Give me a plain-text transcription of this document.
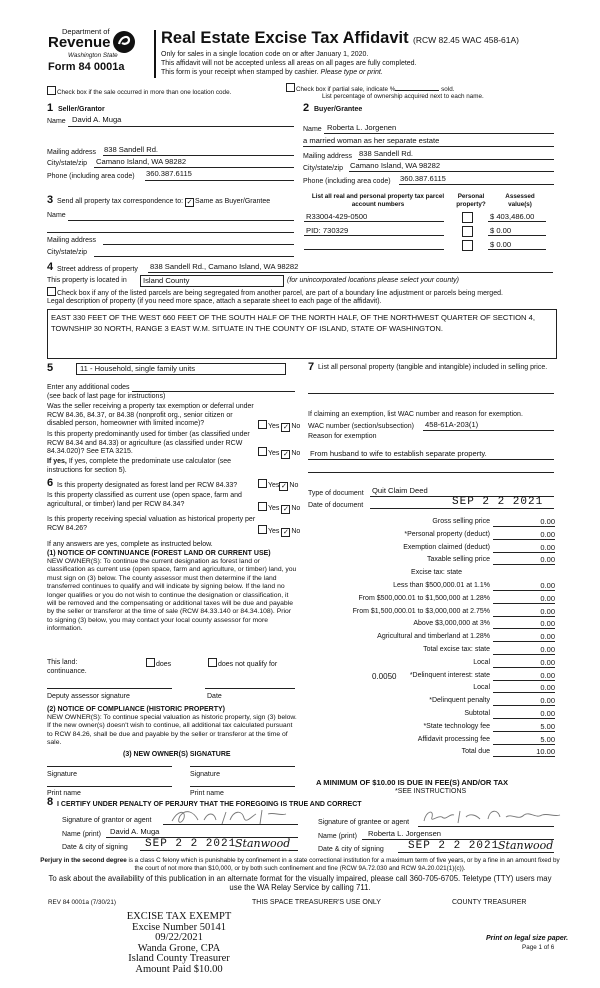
Department of
Revenue
Washington State
Form 84 0001a
Real Estate Excise Tax Affidavit (RCW 82.45 WAC 458-61A)
Only for sales in a single location code on or after January 1, 2020.
This affidavit will not be accepted unless all areas on all pages are fully completed.
This form is your receipt when stamped by cashier. Please type or print.
Check box if the sale occurred in more than one location code.	Check box if partial sale, indicate %	sold.
List percentage of ownership acquired next to each name.
1 Seller/Grantor
Name David A. Muga
Mailing address 838 Sandell Rd.
City/state/zip Camano Island, WA 98282
Phone (including area code) 360.387.6115
2 Buyer/Grantee
Name Roberta L. Jorgenen
a married woman as her separate estate
Mailing address 838 Sandell Rd.
City/state/zip Camano Island, WA 98282
Phone (including area code) 360.387.6115
3 Send all property tax correspondence to: ✓ Same as Buyer/Grantee
Name
Mailing address
City/state/zip
List all real and personal property tax parcel account numbers
Personal property?
Assessed value(s)
R33004-429-0500	$ 403,486.00
PID: 730329	$ 0.00
$ 0.00
4 Street address of property 838 Sandell Rd., Camano Island, WA 98282
This property is located in	Island County	(for unincorporated locations please select your county)
Check box if any of the listed parcels are being segregated from another parcel, are part of a boundary line adjustment or parcels being merged.
Legal description of property (if you need more space, attach a separate sheet to each page of the affidavit).
EAST 330 FEET OF THE WEST 660 FEET OF THE SOUTH HALF OF THE NORTH HALF, OF THE NORTHWEST QUARTER OF SECTION 4, TOWNSHIP 30 NORTH, RANGE 3 EAST W.M. SITUATE IN THE COUNTY OF ISLAND, STATE OF WASHINGTON.
5	11 - Household, single family units
Enter any additional codes
(see back of last page for instructions)
Was the seller receiving a property tax exemption or deferral under RCW 84.36, 84.37, or 84.38 (nonprofit org., senior citizen or disabled person, homeowner with limited income)?	Yes ✓ No
Is this property predominantly used for timber (as classified under RCW 84.34 and 84.33) or agriculture (as classified under RCW 84.34.020)? See ETA 3215.	Yes ✓ No
If yes, If yes, complete the predominate use calculator (see instructions for section 5).
6 Is this property designated as forest land per RCW 84.33?	Yes ✓ No
Is this property classified as current use (open space, farm and agricultural, or timber) land per RCW 84.34?
Yes ✓ No
Is this property receiving special valuation as historical property per RCW 84.26?	Yes ✓ No
If any answers are yes, complete as instructed below.
(1) NOTICE OF CONTINUANCE (FOREST LAND OR CURRENT USE)
NEW OWNER(S): To continue the current designation as forest land or classification as current use (open space, farm and agriculture, or timber) land, you must sign on (3) below. The county assessor must then determine if the land transferred continues to qualify and will indicate by signing below. If the land no longer qualifies or you do not wish to continue the designation or classification, it will be removed and the compensating or additional taxes will be due and payable by the seller or transferor at the time of sale (RCW 84.33.140 or 84.34.108). Prior to signing (3) below, you may contact your local county assessor for more information.
This land:	does	does not qualify for
continuance.
Deputy assessor signature	Date
(2) NOTICE OF COMPLIANCE (HISTORIC PROPERTY)
NEW OWNER(S): To continue special valuation as historic property, sign (3) below. If the new owner(s) doesn't wish to continue, all additional tax calculated pursuant to RCW 84.26, shall be due and payable by the seller or transferor at the time of sale.
(3) NEW OWNER(S) SIGNATURE
Signature	Signature
Print name	Print name
7 List all personal property (tangible and intangible) included in selling price.
If claiming an exemption, list WAC number and reason for exemption.
WAC number (section/subsection) 458-61A-203(1)
Reason for exemption
From husband to wife to establish separate property.
Type of document Quit Claim Deed
Date of document	SEP 2 2 2021
Gross selling price	0.00
*Personal property (deduct)	0.00
Exemption claimed (deduct)	0.00
Taxable selling price	0.00
Excise tax: state
Less than $500,000.01 at 1.1%	0.00
From $500,000.01 to $1,500,000 at 1.28%	0.00
From $1,500,000.01 to $3,000,000 at 2.75%	0.00
Above $3,000,000 at 3%	0.00
Agricultural and timberland at 1.28%	0.00
Total excise tax: state	0.00
Local	0.00
*Delinquent interest: state	0.00
Local	0.00
*Delinquent penalty	0.00
Subtotal	0.00
*State technology fee	5.00
Affidavit processing fee	5.00
Total due	10.00
0.0050
A MINIMUM OF $10.00 IS DUE IN FEE(S) AND/OR TAX
*SEE INSTRUCTIONS
8 I CERTIFY UNDER PENALTY OF PERJURY THAT THE FOREGOING IS TRUE AND CORRECT
Signature of grantor or agent
Name (print) David A. Muga
Date & city of signing SEP 2 2 2021
Stanwood
Signature of grantee or agent
Name (print) Roberta L. Jorgensen
Date & city of signing SEP 2 2 2021
Stanwood
Perjury in the second degree is a class C felony which is punishable by confinement in a state correctional institution for a maximum term of five years, or by a fine in an amount fixed by the court of not more than $10,000, or by both such confinement and fine (RCW 9A.72.030 and RCW 9A.20.021(1)(c)).
To ask about the availability of this publication in an alternate format for the visually impaired, please call 360-705-6705. Teletype (TTY) users may use the WA Relay Service by calling 711.
REV 84 0001a (7/30/21)	THIS SPACE TREASURER'S USE ONLY	COUNTY TREASURER
Print on legal size paper.
Page 1 of 6
EXCISE TAX EXEMPT
Excise Number 50141
09/22/2021
Wanda Grone, CPA
Island County Treasurer
Amount Paid $10.00
